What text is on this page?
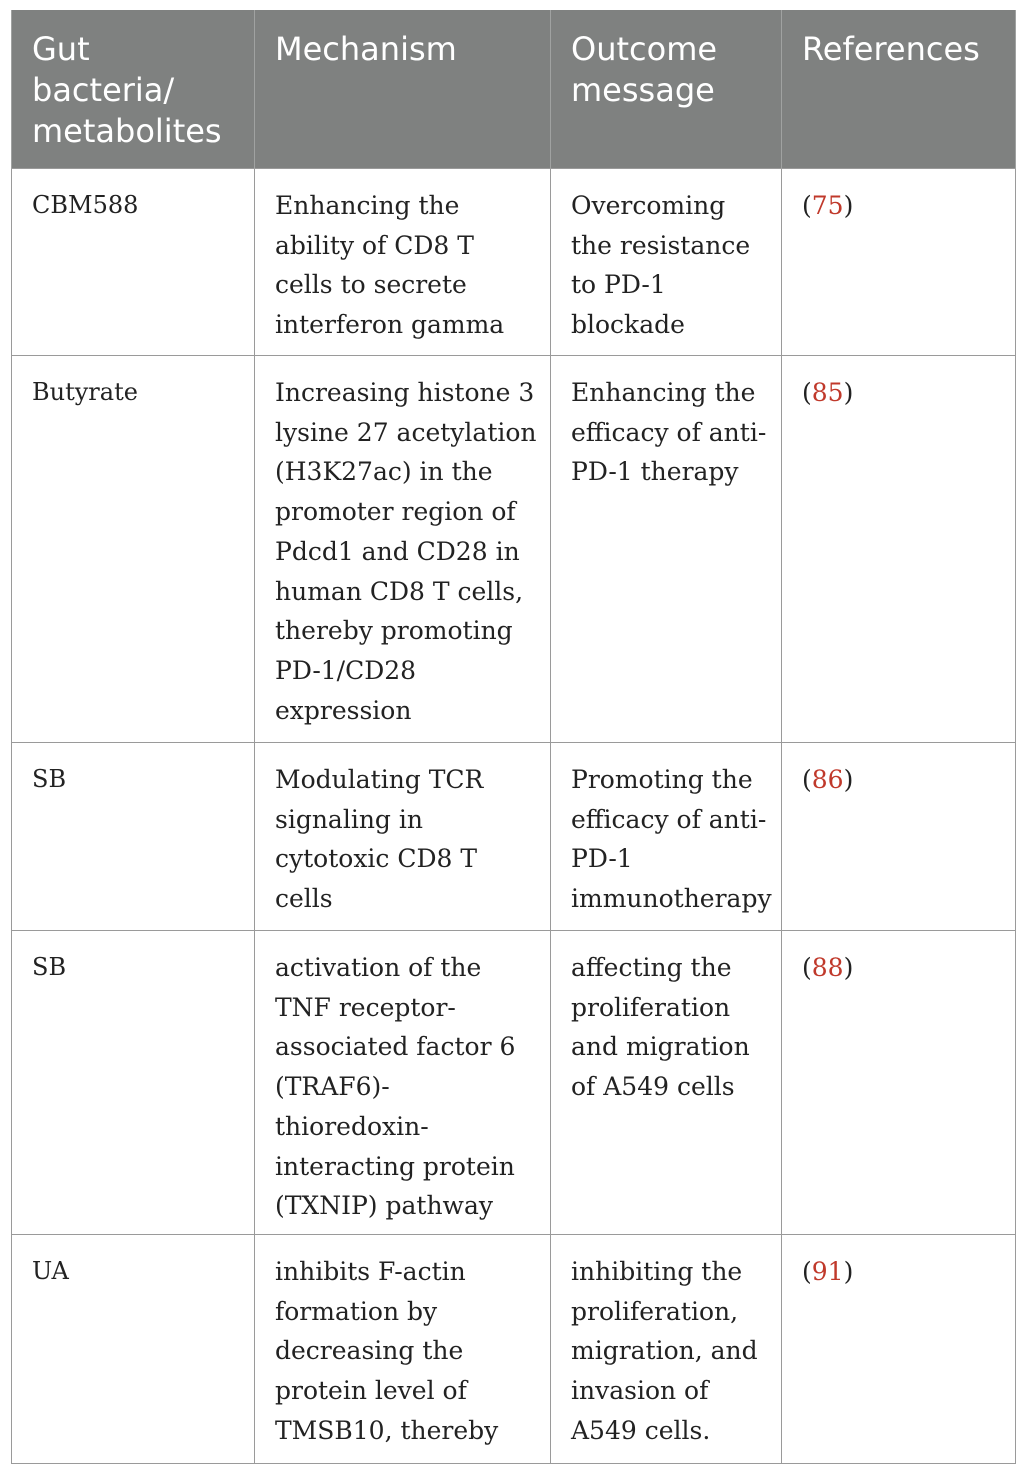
Gut bacteria/ metabolites	Mechanism	Outcome message	References
CBM588	Enhancing the ability of CD8 T cells to secrete interferon gamma	Overcoming the resistance to PD-1 blockade	(75)
Butyrate	Increasing histone 3 lysine 27 acetylation (H3K27ac) in the promoter region of Pdcd1 and CD28 in human CD8 T cells, thereby promoting PD-1/CD28 expression	Enhancing the efficacy of anti-PD-1 therapy	(85)
SB	Modulating TCR signaling in cytotoxic CD8 T cells	Promoting the efficacy of anti-PD-1 immunotherapy	(86)
SB	activation of the TNF receptor-associated factor 6 (TRAF6)-thioredoxin-interacting protein (TXNIP) pathway	affecting the proliferation and migration of A549 cells	(88)
UA	inhibits F-actin formation by decreasing the protein level of TMSB10, thereby	inhibiting the proliferation, migration, and invasion of A549 cells.	(91)
